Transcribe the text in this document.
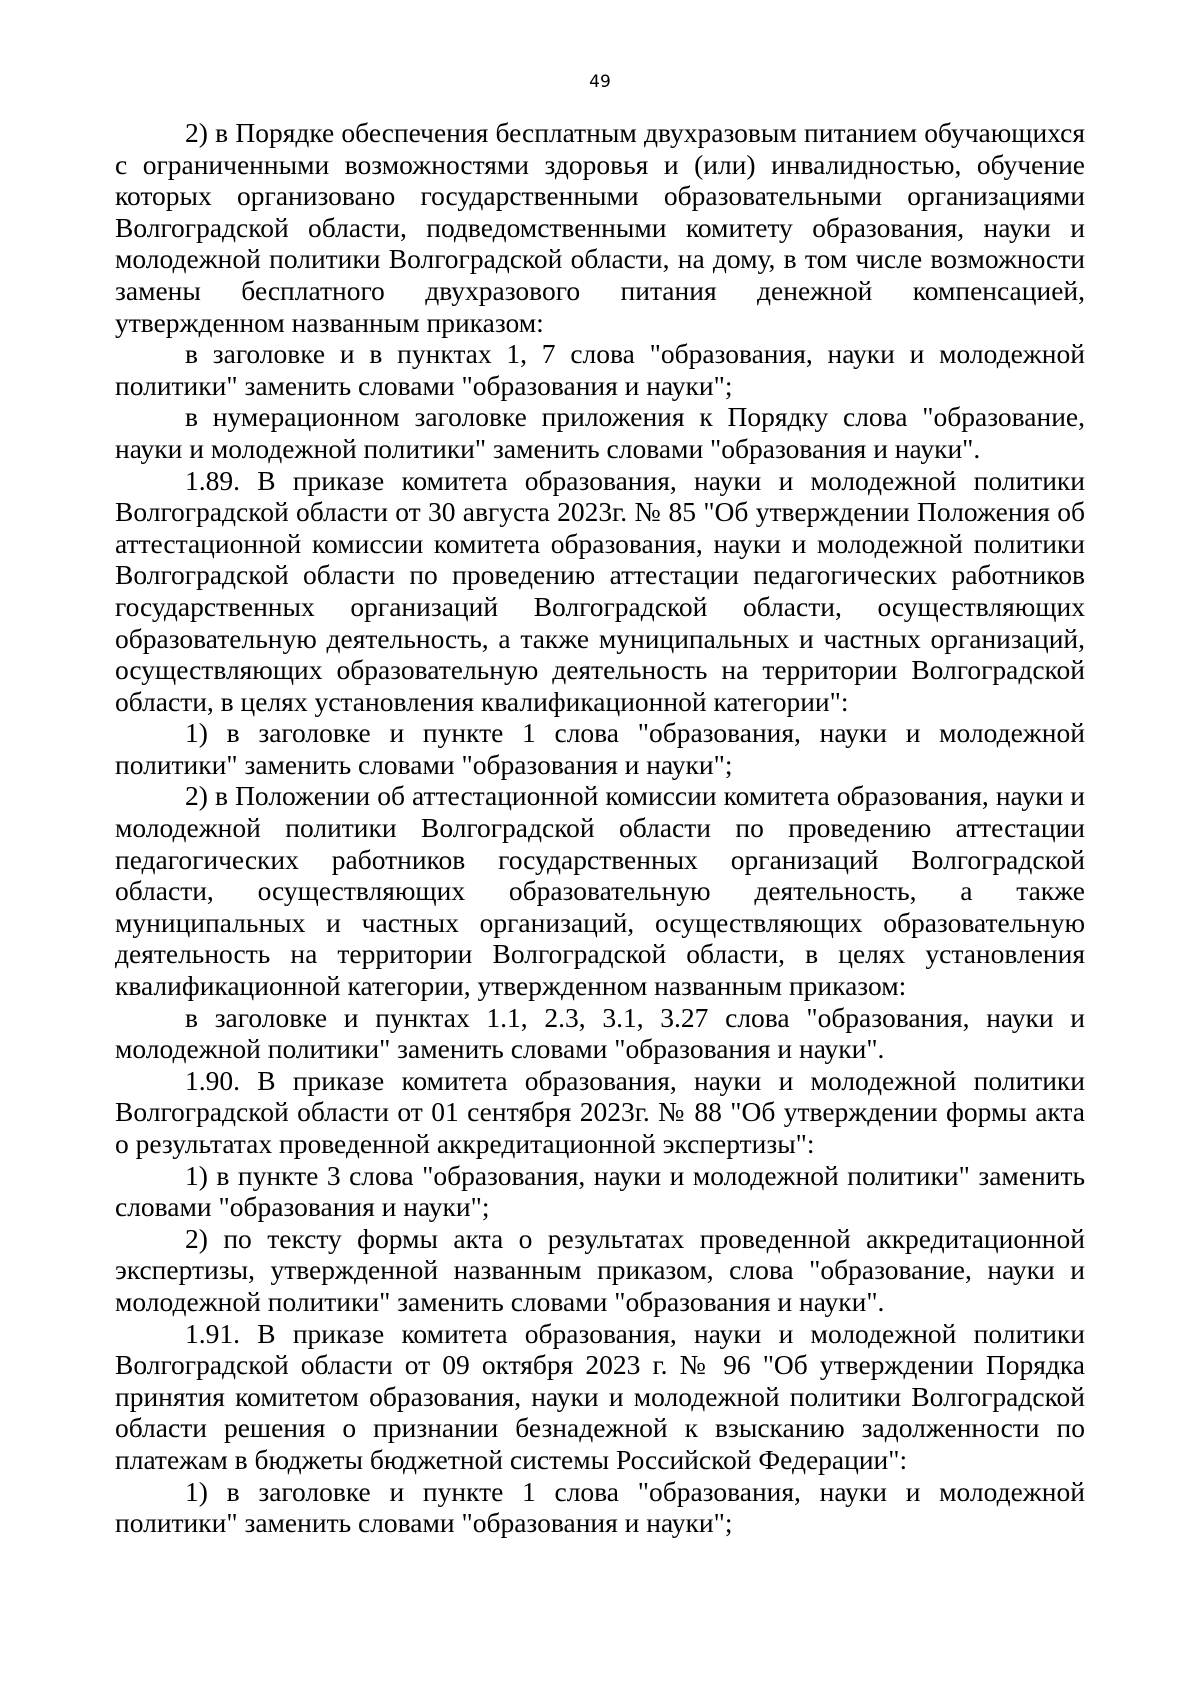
49

2) в Порядке обеспечения бесплатным двухразовым питанием обучающихся с ограниченными возможностями здоровья и (или) инвалидностью, обучение которых организовано государственными образовательными организациями Волгоградской области, подведомственными комитету образования, науки и молодежной политики Волгоградской области, на дому, в том числе возможности замены бесплатного двухразового питания денежной компенсацией, утвержденном названным приказом:

в заголовке и в пунктах 1, 7 слова "образования, науки и молодежной политики" заменить словами "образования и науки";

в нумерационном заголовке приложения к Порядку слова "образование, науки и молодежной политики" заменить словами "образования и науки".

1.89. В приказе комитета образования, науки и молодежной политики Волгоградской области от 30 августа 2023г. № 85 "Об утверждении Положения об аттестационной комиссии комитета образования, науки и молодежной политики Волгоградской области по проведению аттестации педагогических работников государственных организаций Волгоградской области, осуществляющих образовательную деятельность, а также муниципальных и частных организаций, осуществляющих образовательную деятельность на территории Волгоградской области, в целях установления квалификационной категории":

1) в заголовке и пункте 1 слова "образования, науки и молодежной политики" заменить словами "образования и науки";

2) в Положении об аттестационной комиссии комитета образования, науки и молодежной политики Волгоградской области по проведению аттестации педагогических работников государственных организаций Волгоградской области, осуществляющих образовательную деятельность, а также муниципальных и частных организаций, осуществляющих образовательную деятельность на территории Волгоградской области, в целях установления квалификационной категории, утвержденном названным приказом:

в заголовке и пунктах 1.1, 2.3, 3.1, 3.27 слова "образования, науки и молодежной политики" заменить словами "образования и науки".

1.90. В приказе комитета образования, науки и молодежной политики Волгоградской области от 01 сентября 2023г. № 88 "Об утверждении формы акта о результатах проведенной аккредитационной экспертизы":

1) в пункте 3 слова "образования, науки и молодежной политики" заменить словами "образования и науки";

2) по тексту формы акта о результатах проведенной аккредитационной экспертизы, утвержденной названным приказом, слова "образование, науки и молодежной политики" заменить словами "образования и науки".

1.91. В приказе комитета образования, науки и молодежной политики Волгоградской области от 09 октября 2023 г. № 96 "Об утверждении Порядка принятия комитетом образования, науки и молодежной политики Волгоградской области решения о признании безнадежной к взысканию задолженности по платежам в бюджеты бюджетной системы Российской Федерации":

1) в заголовке и пункте 1 слова "образования, науки и молодежной политики" заменить словами "образования и науки";
